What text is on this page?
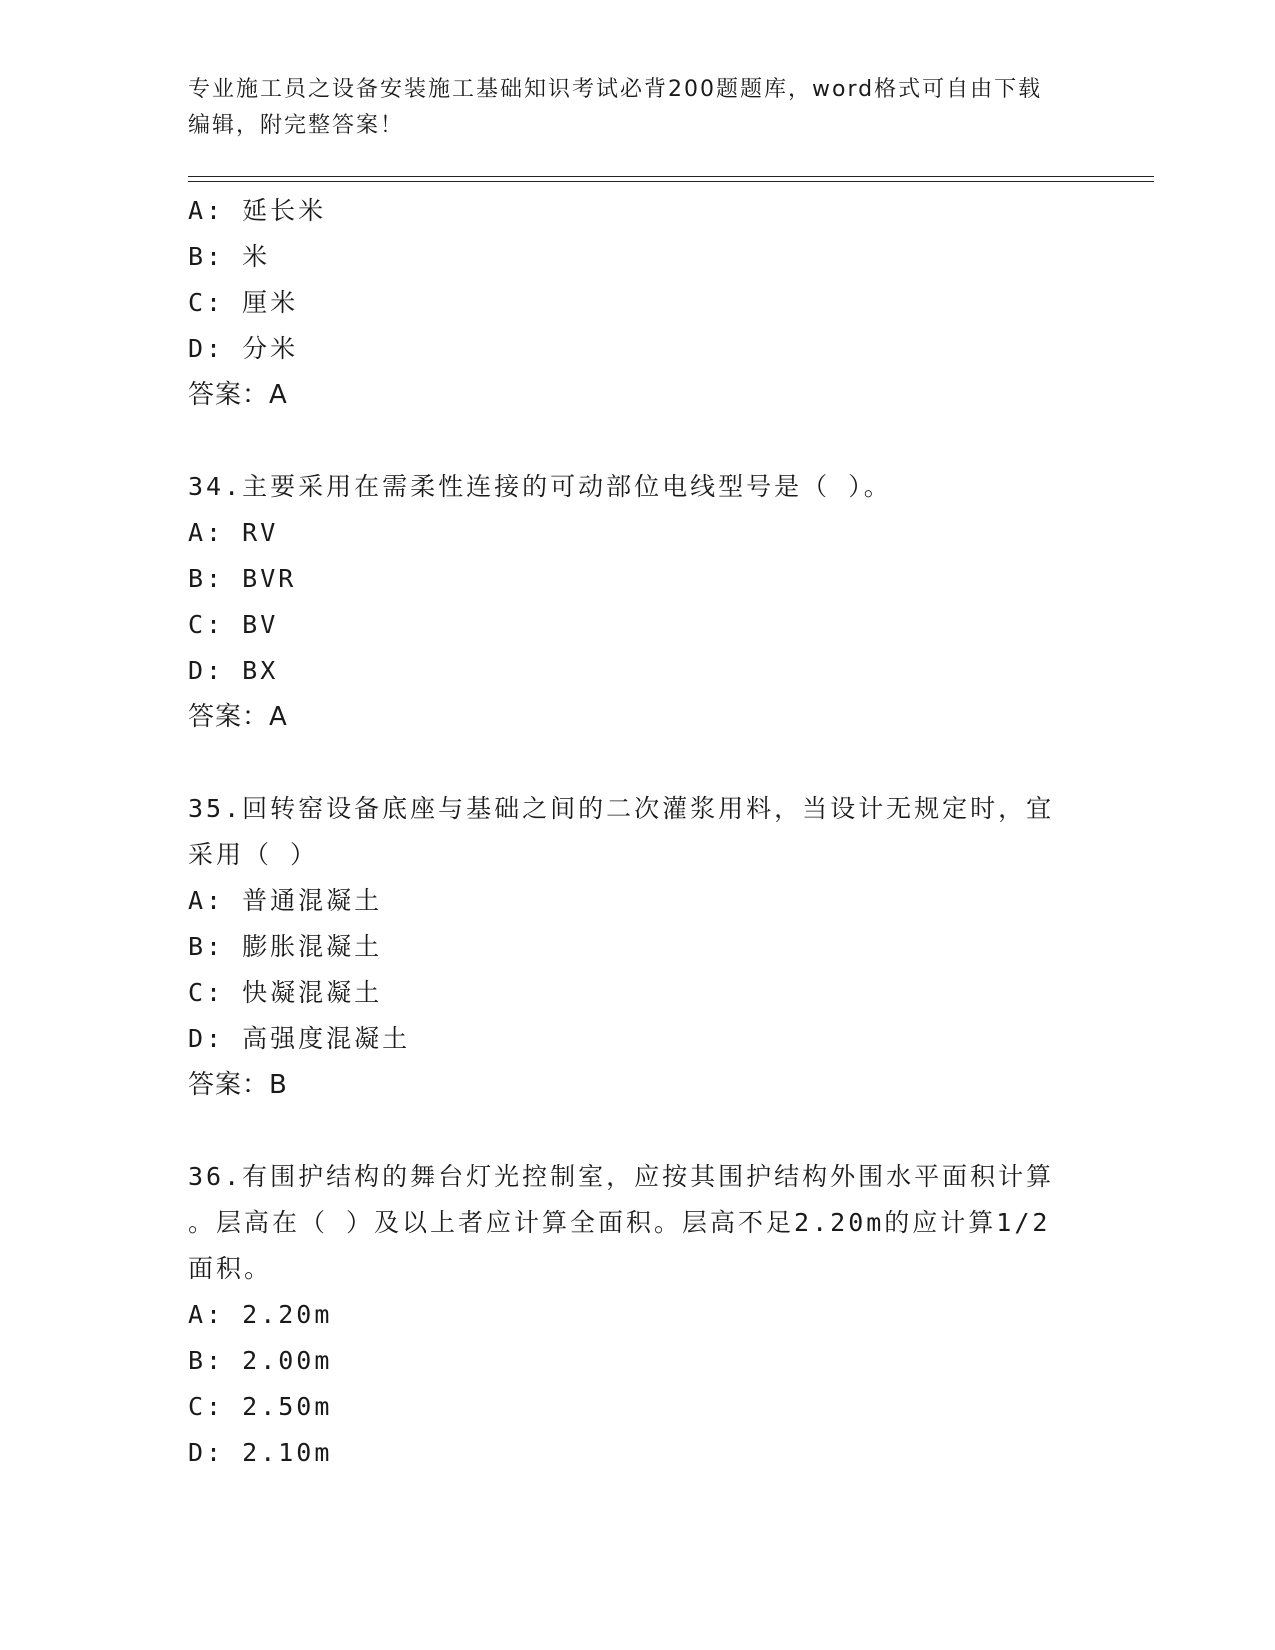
专业施工员之设备安装施工基础知识考试必背200题题库，word格式可自由下载
编辑，附完整答案！
A: 延长米
B: 米
C: 厘米
D: 分米
答案：A
34.主要采用在需柔性连接的可动部位电线型号是（ ）。
A: RV
B: BVR
C: BV
D: BX
答案：A
35.回转窑设备底座与基础之间的二次灌浆用料，当设计无规定时，宜
采用（ ）
A: 普通混凝土
B: 膨胀混凝土
C: 快凝混凝土
D: 高强度混凝土
答案：B
36.有围护结构的舞台灯光控制室，应按其围护结构外围水平面积计算
。层高在（ ）及以上者应计算全面积。层高不足2.20m的应计算1/2
面积。
A: 2.20m
B: 2.00m
C: 2.50m
D: 2.10m
